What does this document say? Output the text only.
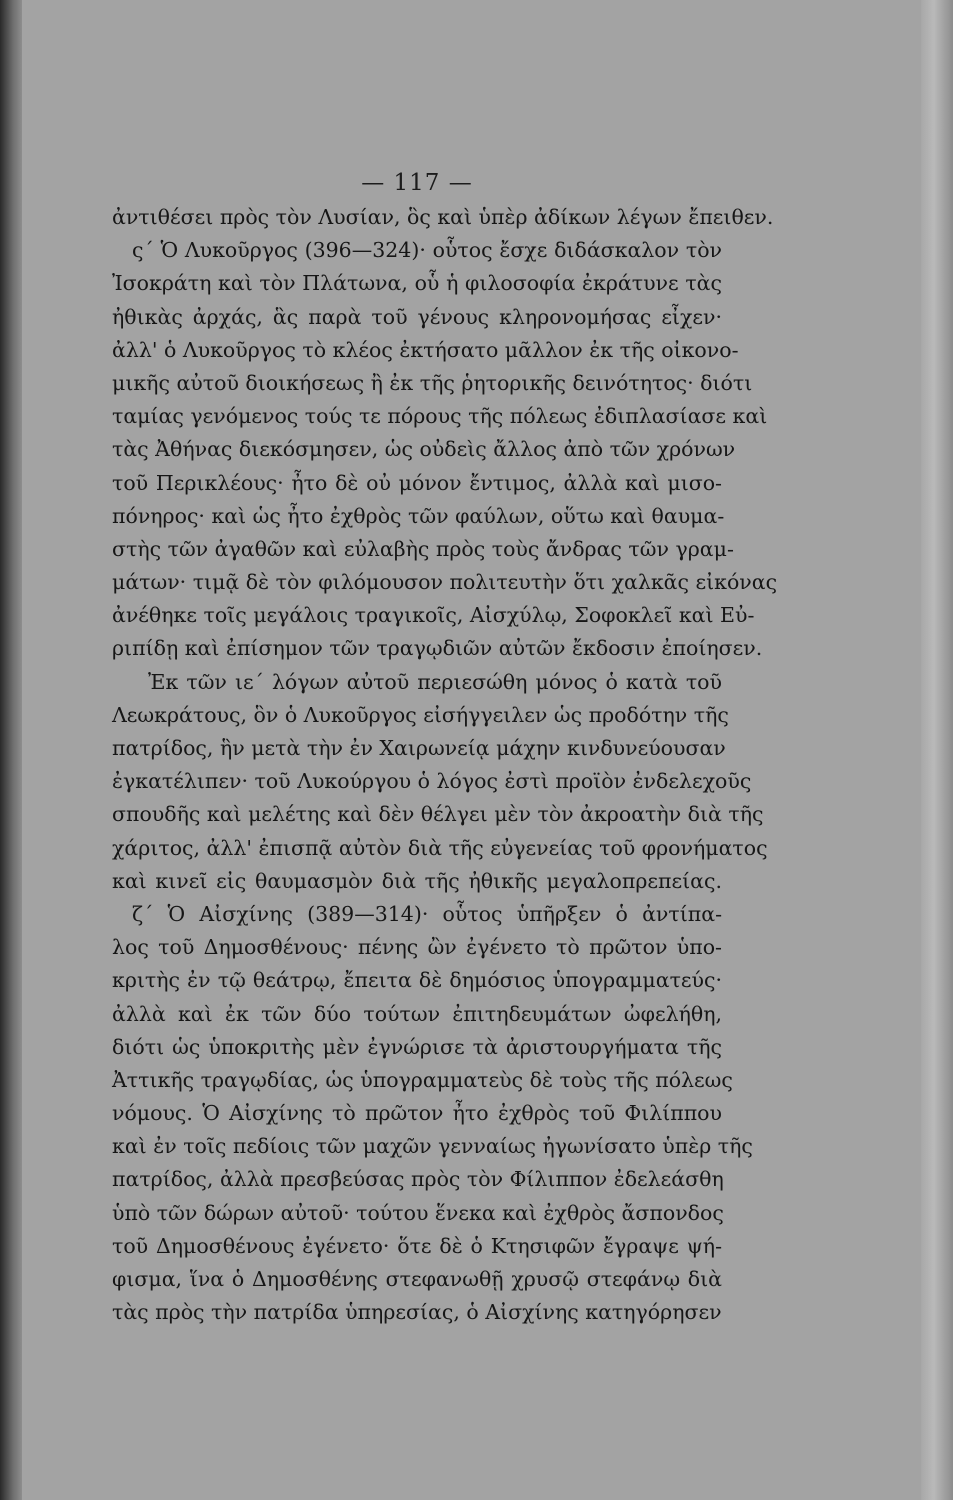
— 117 —
ἀντιθέσει πρὸς τὸν Λυσίαν, ὃς καὶ ὑπὲρ ἀδίκων λέγων ἔπειθεν.
ς΄ Ὁ Λυκοῦργος (396—324)· οὗτος ἔσχε διδάσκαλον τὸν
Ἰσοκράτη καὶ τὸν Πλάτωνα, οὗ ἡ φιλοσοφία ἐκράτυνε τὰς
ἠθικὰς ἀρχάς, ἃς παρὰ τοῦ γένους κληρονομήσας εἶχεν·
ἀλλ' ὁ Λυκοῦργος τὸ κλέος ἐκτήσατο μᾶλλον ἐκ τῆς οἰκονο-
μικῆς αὐτοῦ διοικήσεως ἢ ἐκ τῆς ῥητορικῆς δεινότητος· διότι
ταμίας γενόμενος τούς τε πόρους τῆς πόλεως ἐδιπλασίασε καὶ
τὰς Ἀθήνας διεκόσμησεν, ὡς οὐδεὶς ἄλλος ἀπὸ τῶν χρόνων
τοῦ Περικλέους· ἦτο δὲ οὐ μόνον ἔντιμος, ἀλλὰ καὶ μισο-
πόνηρος· καὶ ὡς ἦτο ἐχθρὸς τῶν φαύλων, οὕτω καὶ θαυμα-
στὴς τῶν ἀγαθῶν καὶ εὐλαβὴς πρὸς τοὺς ἄνδρας τῶν γραμ-
μάτων· τιμᾷ δὲ τὸν φιλόμουσον πολιτευτὴν ὅτι χαλκᾶς εἰκόνας
ἀνέθηκε τοῖς μεγάλοις τραγικοῖς, Αἰσχύλῳ, Σοφοκλεῖ καὶ Εὐ-
ριπίδῃ καὶ ἐπίσημον τῶν τραγῳδιῶν αὐτῶν ἔκδοσιν ἐποίησεν.
Ἐκ τῶν ιε΄ λόγων αὐτοῦ περιεσώθη μόνος ὁ κατὰ τοῦ
Λεωκράτους, ὃν ὁ Λυκοῦργος εἰσήγγειλεν ὡς προδότην τῆς
πατρίδος, ἣν μετὰ τὴν ἐν Χαιρωνείᾳ μάχην κινδυνεύουσαν
ἐγκατέλιπεν· τοῦ Λυκούργου ὁ λόγος ἐστὶ προϊὸν ἐνδελεχοῦς
σπουδῆς καὶ μελέτης καὶ δὲν θέλγει μὲν τὸν ἀκροατὴν διὰ τῆς
χάριτος, ἀλλ' ἐπισπᾷ αὐτὸν διὰ τῆς εὐγενείας τοῦ φρονήματος
καὶ κινεῖ εἰς θαυμασμὸν διὰ τῆς ἠθικῆς μεγαλοπρεπείας.
ζ΄ Ὁ Αἰσχίνης (389—314)· οὗτος ὑπῆρξεν ὁ ἀντίπα-
λος τοῦ Δημοσθένους· πένης ὢν ἐγένετο τὸ πρῶτον ὑπο-
κριτὴς ἐν τῷ θεάτρῳ, ἔπειτα δὲ δημόσιος ὑπογραμματεύς·
ἀλλὰ καὶ ἐκ τῶν δύο τούτων ἐπιτηδευμάτων ὠφελήθη,
διότι ὡς ὑποκριτὴς μὲν ἐγνώρισε τὰ ἀριστουργήματα τῆς
Ἀττικῆς τραγῳδίας, ὡς ὑπογραμματεὺς δὲ τοὺς τῆς πόλεως
νόμους. Ὁ Αἰσχίνης τὸ πρῶτον ἦτο ἐχθρὸς τοῦ Φιλίππου
καὶ ἐν τοῖς πεδίοις τῶν μαχῶν γενναίως ἠγωνίσατο ὑπὲρ τῆς
πατρίδος, ἀλλὰ πρεσβεύσας πρὸς τὸν Φίλιππον ἐδελεάσθη
ὑπὸ τῶν δώρων αὐτοῦ· τούτου ἕνεκα καὶ ἐχθρὸς ἄσπονδος
τοῦ Δημοσθένους ἐγένετο· ὅτε δὲ ὁ Κτησιφῶν ἔγραψε ψή-
φισμα, ἵνα ὁ Δημοσθένης στεφανωθῇ χρυσῷ στεφάνῳ διὰ
τὰς πρὸς τὴν πατρίδα ὑπηρεσίας, ὁ Αἰσχίνης κατηγόρησεν
